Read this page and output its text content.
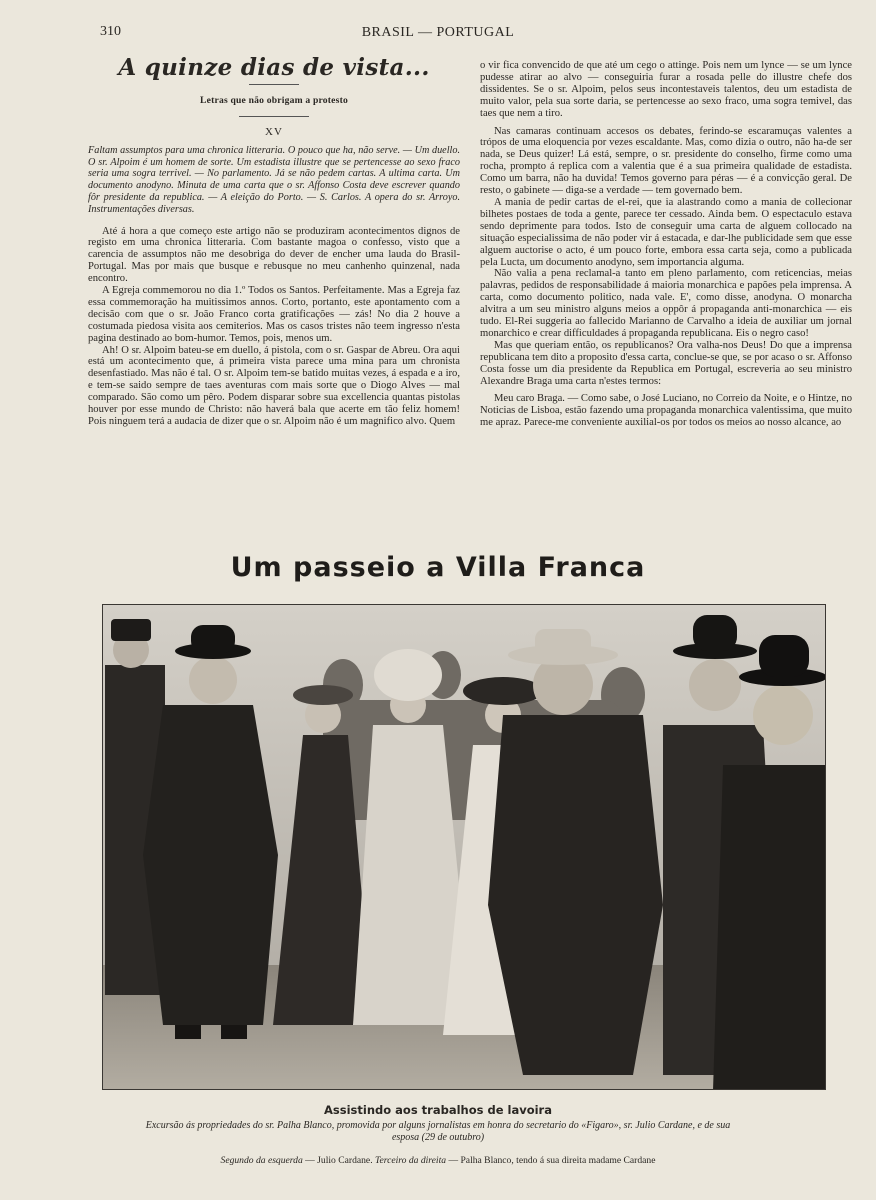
310	BRASIL — PORTUGAL
A quinze dias de vista...
Letras que não obrigam a protesto
XV

Faltam assumptos para uma chronica litteraria. O pouco que ha, não serve. — Um duello. O sr. Alpoim é um homem de sorte. Um estadista illustre que se pertencesse ao sexo fraco seria uma sogra terrivel. — No parlamento. Já se não pedem cartas. A ultima carta. Um documento anodyno. Minuta de uma carta que o sr. Affonso Costa deve escrever quando fôr presidente da republica. — A eleição do Porto. — S. Carlos. A opera do sr. Arroyo. Instrumentações diversas.

Até á hora a que começo este artigo não se produziram acontecimentos dignos de registo em uma chronica litteraria. Com bastante magoa o confesso, visto que a carencia de assumptos não me desobriga do dever de encher uma lauda do Brasil-Portugal. Mas por mais que busque e rebusque no meu canhenho quinzenal, nada encontro.

A Egreja commemorou no dia 1.º Todos os Santos. Perfeitamente. Mas a Egreja faz essa commemoração ha muitissimos annos. Corto, portanto, este apontamento com a decisão com que o sr. João Franco corta gratificações — zás! No dia 2 houve a costumada piedosa visita aos cemiterios. Mas os casos tristes não teem ingresso n'esta pagina destinado ao bom-humor. Temos, pois, menos um.

Ah! O sr. Alpoim bateu-se em duello, á pistola, com o sr. Gaspar de Abreu. Ora aqui está um acontecimento que, á primeira vista parece uma mina para um chronista desenfastiado. Mas não é tal. O sr. Alpoim tem-se batido muitas vezes, á espada e a iro, e tem-se saido sempre de taes aventuras com mais sorte que o Diogo Alves — mal comparado. São como um pêro. Podem disparar sobre sua excellencia quantas pistolas houver por esse mundo de Christo: não haverá bala que acerte em tão feliz homem! Pois ninguem terá a audacia de dizer que o sr. Alpoim não é um magnifico alvo. Quem

o vir fica convencido de que até um cego o attinge. Pois nem um lynce — se um lynce pudesse atirar ao alvo — conseguiria furar a rosada pelle do illustre chefe dos dissidentes. Se o sr. Alpoim, pelos seus incontestaveis talentos, deu um estadista de muito valor, pela sua sorte daria, se pertencesse ao sexo fraco, uma sogra temivel, das taes que nem a tiro.

Nas camaras continuam accesos os debates, ferindo-se escaramuças valentes a trópos de uma eloquencia por vezes escaldante. Mas, como dizia o outro, não ha-de ser nada, se Deus quizer! Lá está, sempre, o sr. presidente do conselho, firme como uma rocha, prompto á replica com a valentia que é a sua primeira qualidade de estadista. Como um barra, não ha duvida! Temos governo para péras — é a convicção geral. De resto, o gabinete — diga-se a verdade — tem governado bem.

A mania de pedir cartas de el-rei, que ia alastrando como a mania de collecionar bilhetes postaes de toda a gente, parece ter cessado. Ainda bem. O espectaculo estava sendo deprimente para todos. Isto de conseguir uma carta de alguem collocado na situação especialissima de não poder vir á estacada, e dar-lhe publicidade sem que esse alguem auctorise o acto, é um pouco forte, embora essa carta seja, como a publicada pela Lucta, um documento anodyno, sem importancia alguma.

Não valia a pena reclamal-a tanto em pleno parlamento, com reticencias, meias palavras, pedidos de responsabilidade á maioria monarchica e papões pela imprensa. A carta, como documento politico, nada vale. E', como disse, anodyna. O monarcha alvitra a um seu ministro alguns meios a oppôr á propaganda anti-monarchica — eis tudo. El-Rei suggeria ao fallecido Marianno de Carvalho a ideia de auxiliar um jornal monarchico e crear difficuldades á propaganda republicana. Eis o negro caso!

Mas que queriam então, os republicanos? Ora valha-nos Deus! Do que a imprensa republicana tem dito a proposito d'essa carta, conclue-se que, se por acaso o sr. Affonso Costa fosse um dia presidente da Republica em Portugal, escreveria ao seu ministro Alexandre Braga uma carta n'estes termos:

Meu caro Braga. — Como sabe, o José Luciano, no Correio da Noite, e o Hintze, no Noticias de Lisboa, estão fazendo uma propaganda monarchica valentissima, que muito me apraz. Parece-me conveniente auxilial-os por todos os meios ao nosso alcance, ao

Um passeio a Villa Franca
Assistindo aos trabalhos de lavoira
Excursão ás propriedades do sr. Palha Blanco, promovida por alguns jornalistas em honra do secretario do «Figaro», sr. Julio Cardane, e de sua esposa (29 de outubro)
Segundo da esquerda — Julio Cardane. Terceiro da direita — Palha Blanco, tendo á sua direita madame Cardane
